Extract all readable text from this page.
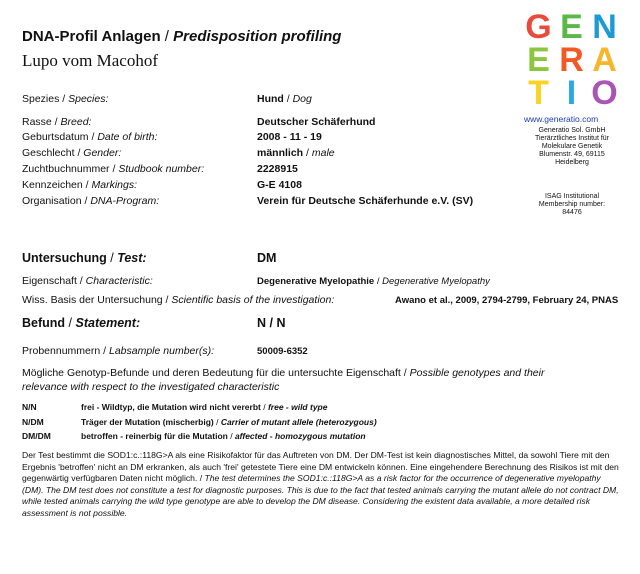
DNA-Profil Anlagen / Predisposition profiling
Lupo vom Macohof
G E N
E R A
T I O
www.generatio.com
Generatio Sol. GmbH
Tierärztliches Institut für
Molekulare Genetik
Blumenstr. 49, 69115
Heidelberg
ISAG Institutional
Membership number:
84476
Spezies / Species:	Hund / Dog
Rasse / Breed:	Deutscher Schäferhund
Geburtsdatum / Date of birth:	2008 - 11 - 19
Geschlecht / Gender:	männlich / male
Zuchtbuchnummer / Studbook number:	2228915
Kennzeichen / Markings:	G-E 4108
Organisation / DNA-Program:	Verein für Deutsche Schäferhunde e.V. (SV)
Untersuchung / Test:	DM
Eigenschaft / Characteristic:	Degenerative Myelopathie / Degenerative Myelopathy
Wiss. Basis der Untersuchung / Scientific basis of the investigation:	Awano et al., 2009, 2794-2799, February 24, PNAS
Befund / Statement:	N / N
Probennummern / Labsample number(s):	50009-6352
Mögliche Genotyp-Befunde und deren Bedeutung für die untersuchte Eigenschaft / Possible genotypes and their
relevance with respect to the investigated characteristic
N/N	frei - Wildtyp, die Mutation wird nicht vererbt / free - wild type
N/DM	Träger der Mutation (mischerbig) / Carrier of mutant allele (heterozygous)
DM/DM	betroffen - reinerbig für die Mutation / affected - homozygous mutation
Der Test bestimmt die SOD1:c.:118G>A als eine Risikofaktor für das Auftreten von DM. Der DM-Test ist kein diagnostisches Mittel, da sowohl Tiere mit den Ergebnis 'betroffen' nicht an DM erkranken, als auch 'frei' getestete Tiere eine DM entwickeln können. Eine eingehendere Berechnung des Risikos ist mit den gegenwärtig verfügbaren Daten nicht möglich. / The test determines the SOD1:c.:118G>A as a risk factor for the occurrence of degenerative myelopathy (DM). The DM test does not constitute a test for diagnostic purposes. This is due to the fact that tested animals carrying the mutant allele do not contract DM, while tested animals carrying the wild type genotype are able to develop the DM disease. Considering the existent data available, a more detailed risk assessment is not possible.
